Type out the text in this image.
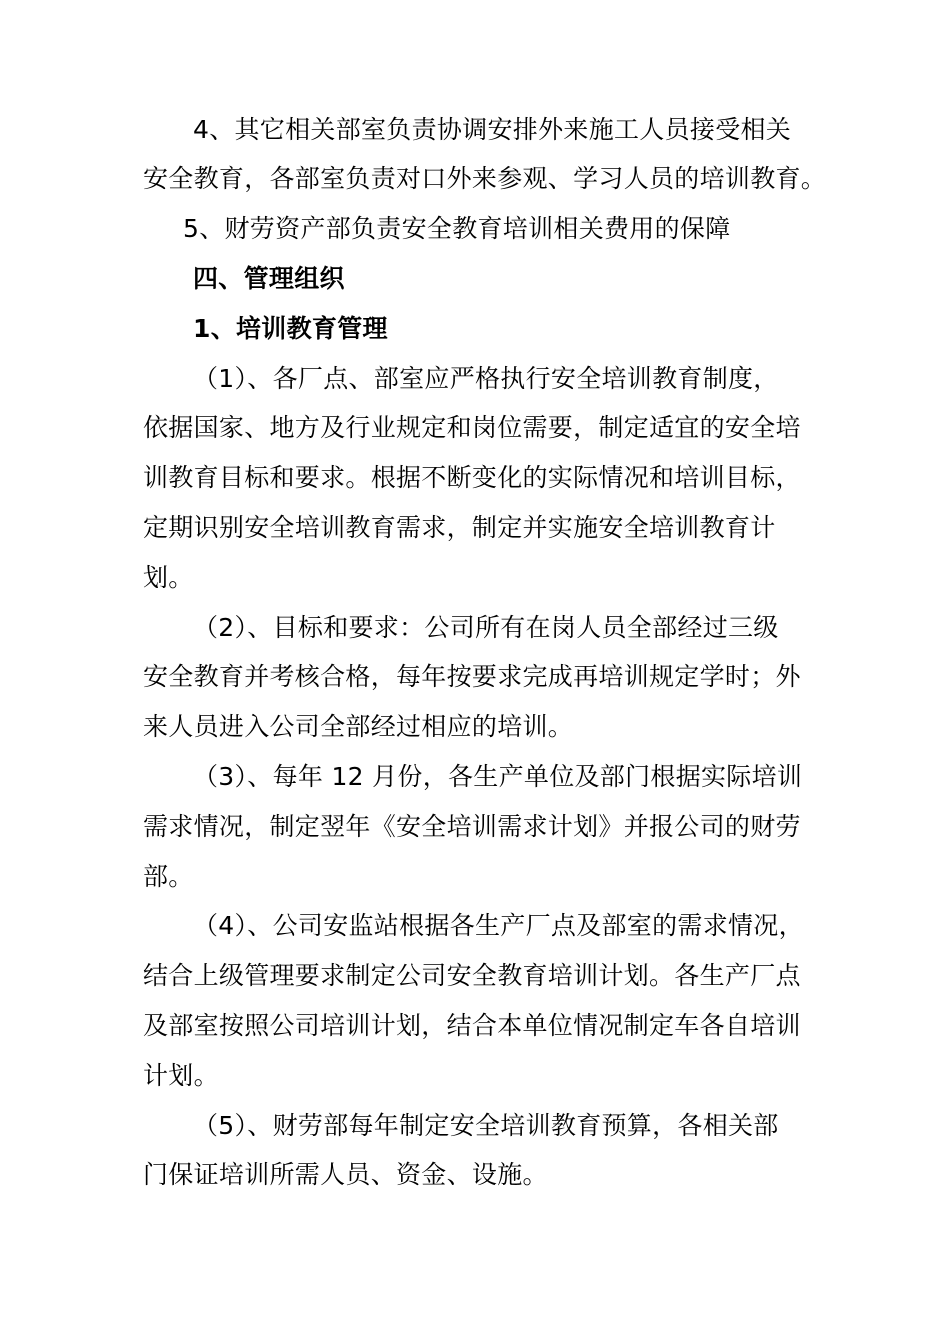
4、其它相关部室负责协调安排外来施工人员接受相关
安全教育，各部室负责对口外来参观、学习人员的培训教育。
5、财劳资产部负责安全教育培训相关费用的保障
四、管理组织
1、培训教育管理
（1）、各厂点、部室应严格执行安全培训教育制度，
依据国家、地方及行业规定和岗位需要，制定适宜的安全培
训教育目标和要求。根据不断变化的实际情况和培训目标，
定期识别安全培训教育需求，制定并实施安全培训教育计
划。
（2）、目标和要求：公司所有在岗人员全部经过三级
安全教育并考核合格，每年按要求完成再培训规定学时；外
来人员进入公司全部经过相应的培训。
（3）、每年 12 月份，各生产单位及部门根据实际培训
需求情况，制定翌年《安全培训需求计划》并报公司的财劳
部。
（4）、公司安监站根据各生产厂点及部室的需求情况，
结合上级管理要求制定公司安全教育培训计划。各生产厂点
及部室按照公司培训计划，结合本单位情况制定车各自培训
计划。
（5）、财劳部每年制定安全培训教育预算，各相关部
门保证培训所需人员、资金、设施。
